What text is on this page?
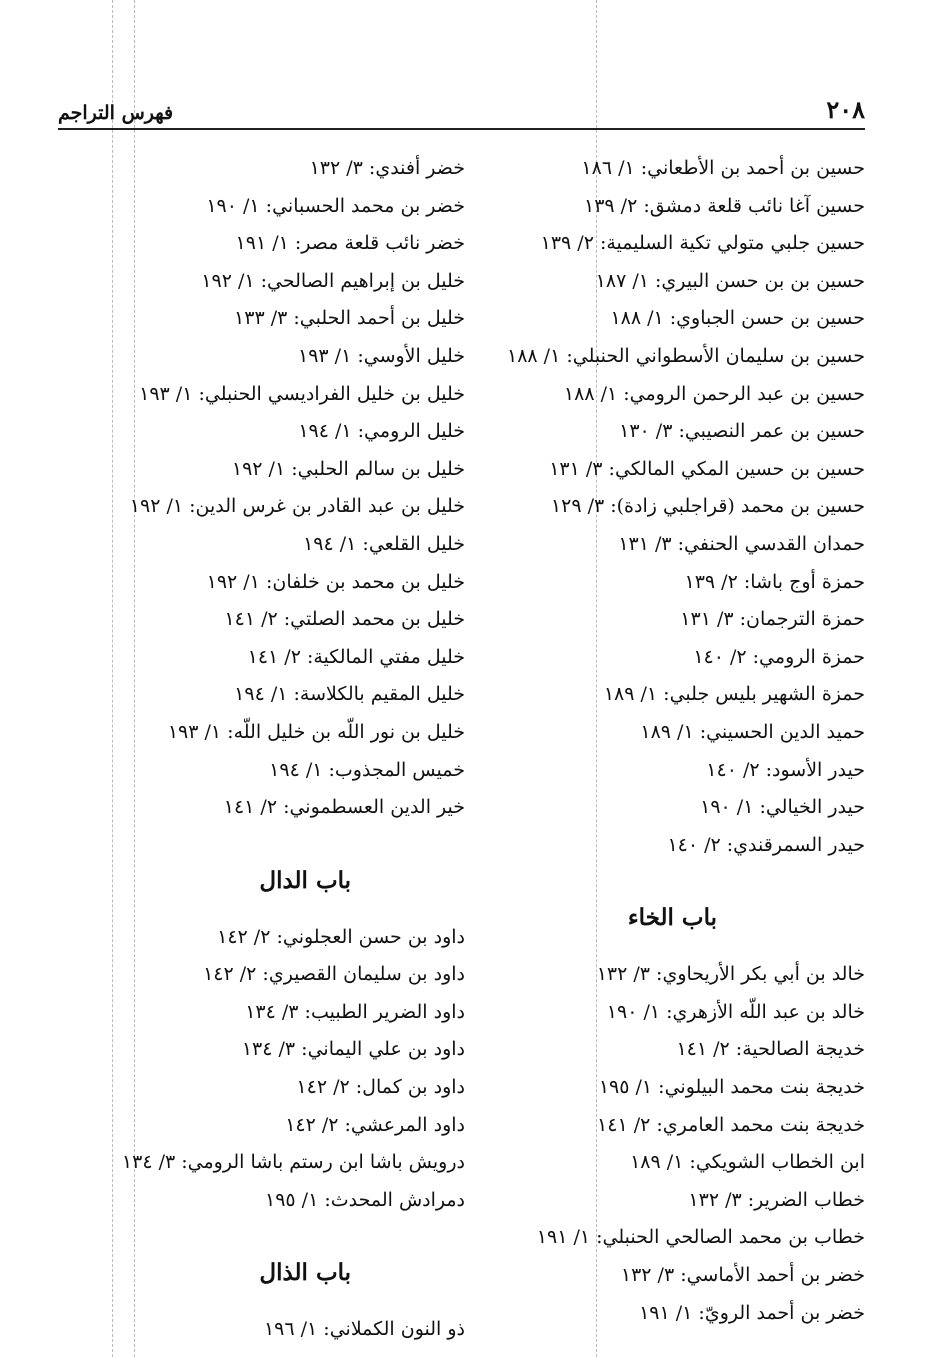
٢٠٨
فهرس التراجم
حسين بن أحمد بن الأطعاني: ١/ ١٨٦
حسين آغا نائب قلعة دمشق: ٢/ ١٣٩
حسين جلبي متولي تكية السليمية: ٢/ ١٣٩
حسين بن بن حسن البيري: ١/ ١٨٧
حسين بن حسن الجباوي: ١/ ١٨٨
حسين بن سليمان الأسطواني الحنبلي: ١/ ١٨٨
حسين بن عبد الرحمن الرومي: ١/ ١٨٨
حسين بن عمر النصيبي: ٣/ ١٣٠
حسين بن حسين المكي المالكي: ٣/ ١٣١
حسين بن محمد (قراجلبي زادة): ٣/ ١٢٩
حمدان القدسي الحنفي: ٣/ ١٣١
حمزة أوج باشا: ٢/ ١٣٩
حمزة الترجمان: ٣/ ١٣١
حمزة الرومي: ٢/ ١٤٠
حمزة الشهير بليس جلبي: ١/ ١٨٩
حميد الدين الحسيني: ١/ ١٨٩
حيدر الأسود: ٢/ ١٤٠
حيدر الخيالي: ١/ ١٩٠
حيدر السمرقندي: ٢/ ١٤٠
باب الخاء
خالد بن أبي بكر الأريحاوي: ٣/ ١٣٢
خالد بن عبد اللّه الأزهري: ١/ ١٩٠
خديجة الصالحية: ٢/ ١٤١
خديجة بنت محمد البيلوني: ١/ ١٩٥
خديجة بنت محمد العامري: ٢/ ١٤١
ابن الخطاب الشويكي: ١/ ١٨٩
خطاب الضرير: ٣/ ١٣٢
خطاب بن محمد الصالحي الحنبلي: ١/ ١٩١
خضر بن أحمد الأماسي: ٣/ ١٣٢
خضر بن أحمد الرويّ: ١/ ١٩١
خضر أفندي: ٣/ ١٣٢
خضر بن محمد الحسباني: ١/ ١٩٠
خضر نائب قلعة مصر: ١/ ١٩١
خليل بن إبراهيم الصالحي: ١/ ١٩٢
خليل بن أحمد الحلبي: ٣/ ١٣٣
خليل الأوسي: ١/ ١٩٣
خليل بن خليل الفراديسي الحنبلي: ١/ ١٩٣
خليل الرومي: ١/ ١٩٤
خليل بن سالم الحلبي: ١/ ١٩٢
خليل بن عبد القادر بن غرس الدين: ١/ ١٩٢
خليل القلعي: ١/ ١٩٤
خليل بن محمد بن خلفان: ١/ ١٩٢
خليل بن محمد الصلتي: ٢/ ١٤١
خليل مفتي المالكية: ٢/ ١٤١
خليل المقيم بالكلاسة: ١/ ١٩٤
خليل بن نور اللّه بن خليل اللّه: ١/ ١٩٣
خميس المجذوب: ١/ ١٩٤
خير الدين العسطموني: ٢/ ١٤١
باب الدال
داود بن حسن العجلوني: ٢/ ١٤٢
داود بن سليمان القصيري: ٢/ ١٤٢
داود الضرير الطبيب: ٣/ ١٣٤
داود بن علي اليماني: ٣/ ١٣٤
داود بن كمال: ٢/ ١٤٢
داود المرعشي: ٢/ ١٤٢
درويش باشا ابن رستم باشا الرومي: ٣/ ١٣٤
دمرادش المحدث: ١/ ١٩٥
باب الذال
ذو النون الكملاني: ١/ ١٩٦
